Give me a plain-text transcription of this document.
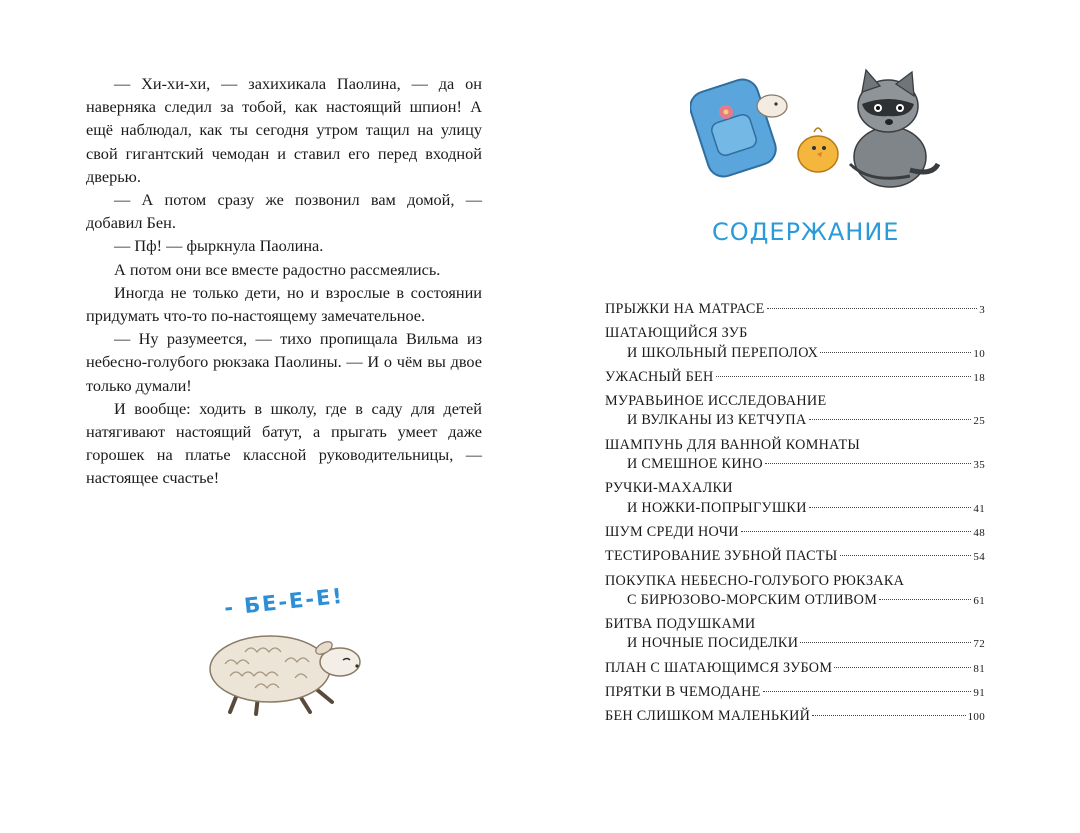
— Хи-хи-хи, — захихикала Паолина, — да он наверняка следил за тобой, как настоящий шпион! А ещё наблюдал, как ты сегодня утром тащил на улицу свой гигантский чемодан и ставил его перед входной дверью.

— А потом сразу же позвонил вам домой, — добавил Бен.

— Пф! — фыркнула Паолина.

А потом они все вместе радостно рассмеялись.

Иногда не только дети, но и взрослые в состоянии придумать что-то по-настоящему замечательное.

— Ну разумеется, — тихо пропищала Вильма из небесно-голубого рюкзака Паолины. — И о чём вы двое только думали!

И вообще: ходить в школу, где в саду для детей натягивают настоящий батут, а прыгать умеет даже горошек на платье классной руководительницы, — настоящее счастье!

- БЕ-Е-Е!
СОДЕРЖАНИЕ
ПРЫЖКИ НА МАТРАСЕ	3
ШАТАЮЩИЙСЯ ЗУБ
И ШКОЛЬНЫЙ ПЕРЕПОЛОХ	10
УЖАСНЫЙ БЕН	18
МУРАВЬИНОЕ ИССЛЕДОВАНИЕ
И ВУЛКАНЫ ИЗ КЕТЧУПА	25
ШАМПУНЬ ДЛЯ ВАННОЙ КОМНАТЫ
И СМЕШНОЕ КИНО	35
РУЧКИ-МАХАЛКИ
И НОЖКИ-ПОПРЫГУШКИ	41
ШУМ СРЕДИ НОЧИ	48
ТЕСТИРОВАНИЕ ЗУБНОЙ ПАСТЫ	54
ПОКУПКА НЕБЕСНО-ГОЛУБОГО РЮКЗАКА
С БИРЮЗОВО-МОРСКИМ ОТЛИВОМ	61
БИТВА ПОДУШКАМИ
И НОЧНЫЕ ПОСИДЕЛКИ	72
ПЛАН С ШАТАЮЩИМСЯ ЗУБОМ	81
ПРЯТКИ В ЧЕМОДАНЕ	91
БЕН СЛИШКОМ МАЛЕНЬКИЙ	100
